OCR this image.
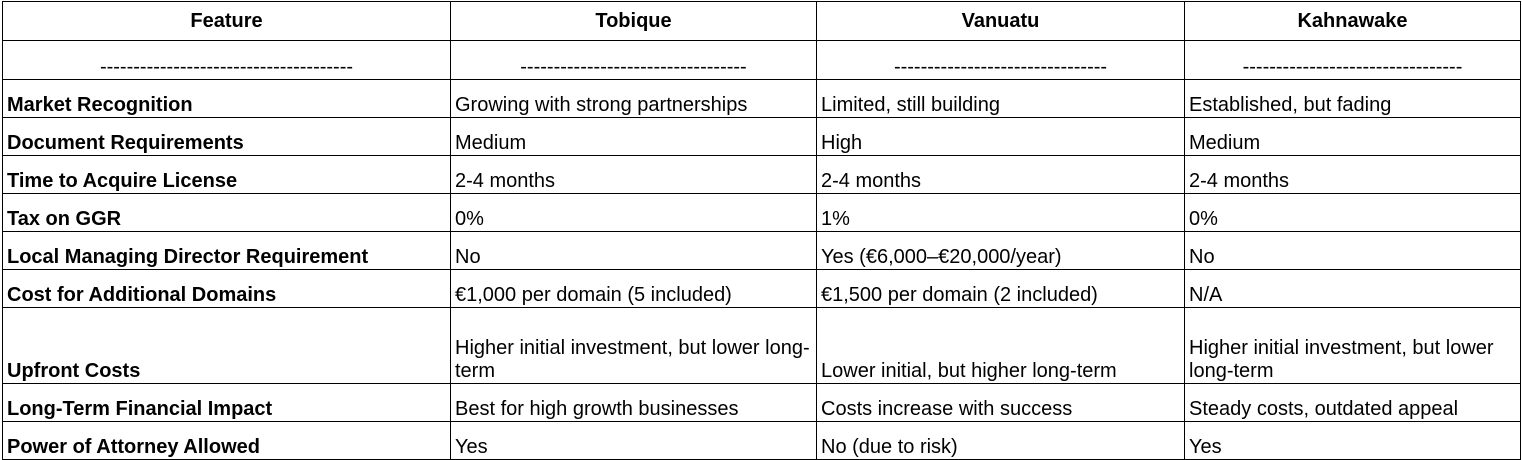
Feature	Tobique	Vanuatu	Kahnawake
--------------------------------------	----------------------------------	--------------------------------	---------------------------------
Market Recognition	Growing with strong partnerships	Limited, still building	Established, but fading
Document Requirements	Medium	High	Medium
Time to Acquire License	2-4 months	2-4 months	2-4 months
Tax on GGR	0%	1%	0%
Local Managing Director Requirement	No	Yes (€6,000–€20,000/year)	No
Cost for Additional Domains	€1,000 per domain (5 included)	€1,500 per domain (2 included)	N/A
Upfront Costs	Higher initial investment, but lower long-term	Lower initial, but higher long-term	Higher initial investment, but lower long-term
Long-Term Financial Impact	Best for high growth businesses	Costs increase with success	Steady costs, outdated appeal
Power of Attorney Allowed	Yes	No (due to risk)	Yes
